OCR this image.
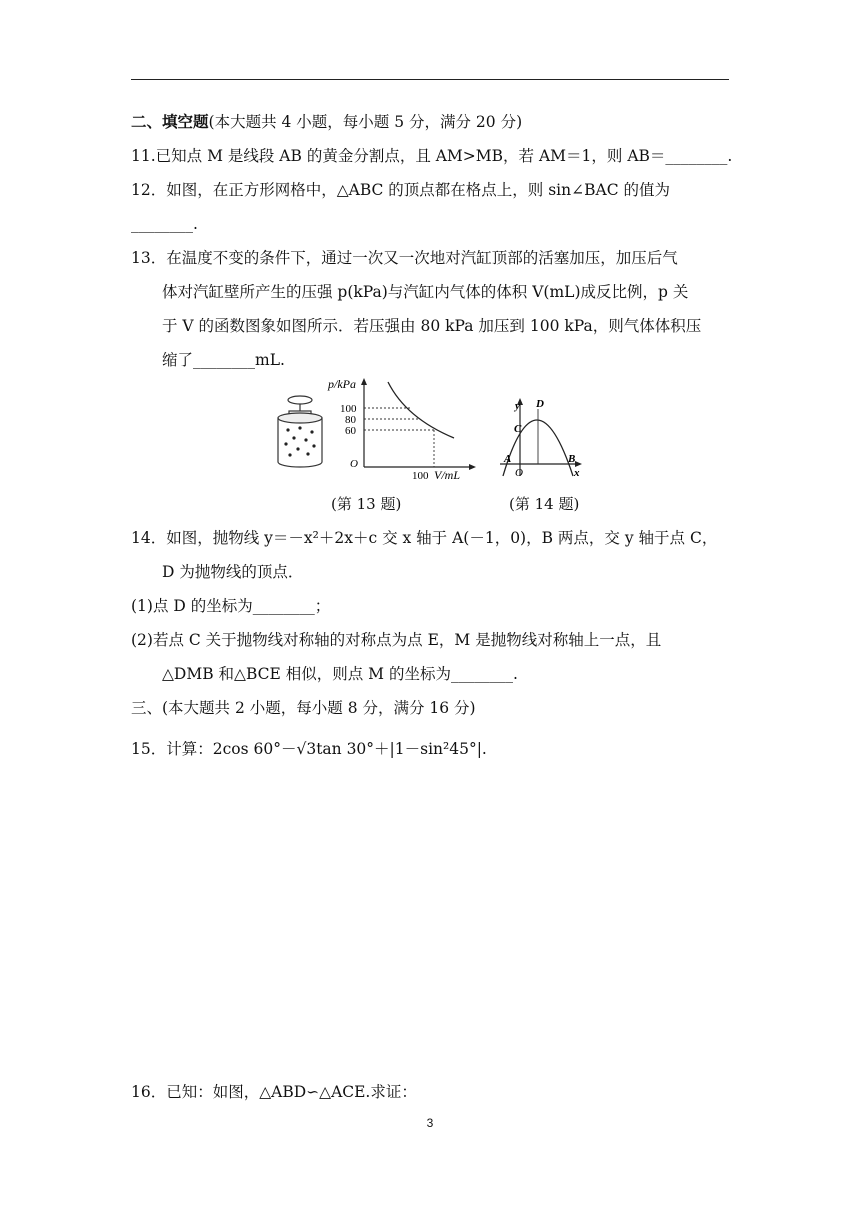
二、填空题(本大题共 4 小题，每小题 5 分，满分 20 分)
11.已知点 M 是线段 AB 的黄金分割点，且 AM>MB，若 AM＝1，则 AB＝________.
12．如图，在正方形网格中，△ABC 的顶点都在格点上，则 sin∠BAC 的值为
________.
13．在温度不变的条件下，通过一次又一次地对汽缸顶部的活塞加压，加压后气
体对汽缸壁所产生的压强 p(kPa)与汽缸内气体的体积 V(mL)成反比例，p 关
于 V 的函数图象如图所示．若压强由 80 kPa 加压到 100 kPa，则气体体积压
缩了________mL.
p/kPa
100
80
60
O
100 V/mL
y D
C
A	B
x
O
(第 13 题)	(第 14 题)
14．如图，抛物线 y＝－x²＋2x＋c 交 x 轴于 A(－1，0)，B 两点，交 y 轴于点 C，
D 为抛物线的顶点．
(1)点 D 的坐标为________；
(2)若点 C 关于抛物线对称轴的对称点为点 E，M 是抛物线对称轴上一点，且
△DMB 和△BCE 相似，则点 M 的坐标为________.
三、(本大题共 2 小题，每小题 8 分，满分 16 分)
15．计算：2cos 60°－√3tan 30°＋|1－sin²45°|.
16．已知：如图，△ABD∽△ACE.求证：
3
